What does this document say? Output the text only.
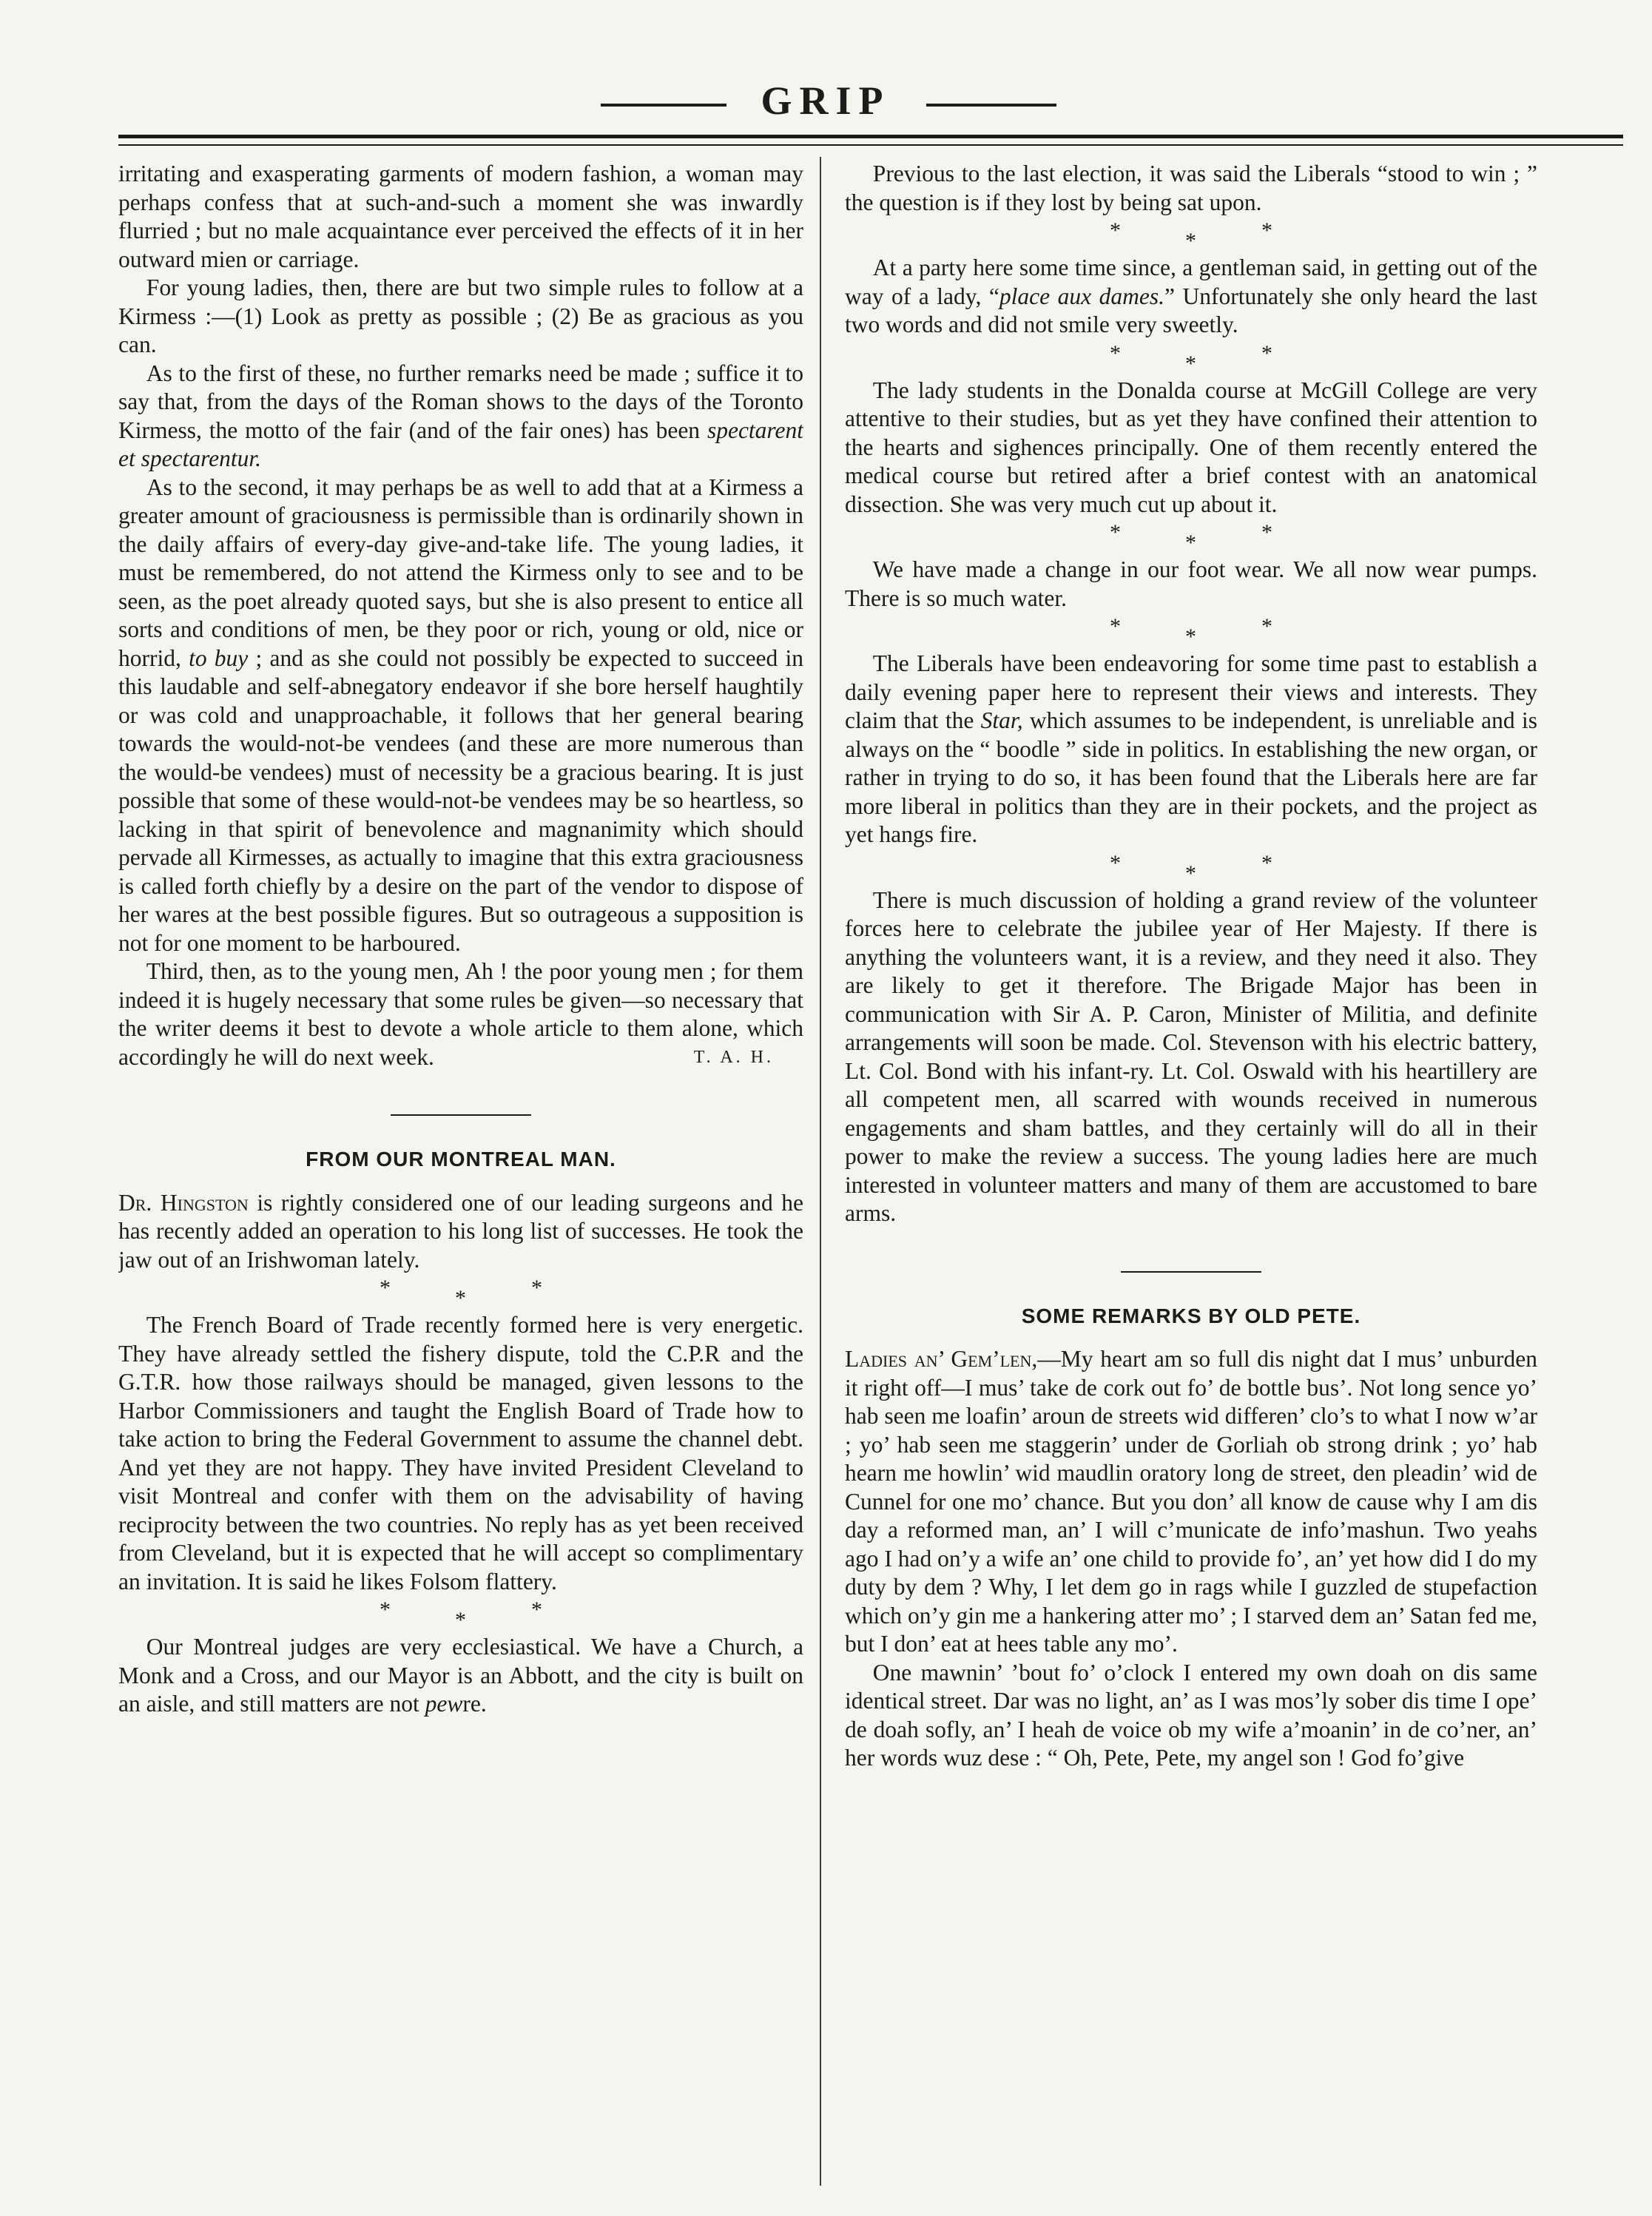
GRIP

irritating and exasperating garments of modern fashion, a woman may perhaps confess that at such-and-such a moment she was inwardly flurried ; but no male acquaintance ever perceived the effects of it in her outward mien or carriage.

For young ladies, then, there are but two simple rules to follow at a Kirmess :—(1) Look as pretty as possible ; (2) Be as gracious as you can.

As to the first of these, no further remarks need be made ; suffice it to say that, from the days of the Roman shows to the days of the Toronto Kirmess, the motto of the fair (and of the fair ones) has been spectarent et spectarentur.

As to the second, it may perhaps be as well to add that at a Kirmess a greater amount of graciousness is permissible than is ordinarily shown in the daily affairs of every-day give-and-take life. The young ladies, it must be remembered, do not attend the Kirmess only to see and to be seen, as the poet already quoted says, but she is also present to entice all sorts and conditions of men, be they poor or rich, young or old, nice or horrid, to buy ; and as she could not possibly be expected to succeed in this laudable and self-abnegatory endeavor if she bore herself haughtily or was cold and unapproachable, it follows that her general bearing towards the would-not-be vendees (and these are more numerous than the would-be vendees) must of necessity be a gracious bearing. It is just possible that some of these would-not-be vendees may be so heartless, so lacking in that spirit of benevolence and magnanimity which should pervade all Kirmesses, as actually to imagine that this extra graciousness is called forth chiefly by a desire on the part of the vendor to dispose of her wares at the best possible figures. But so outrageous a supposition is not for one moment to be harboured.

Third, then, as to the young men, Ah ! the poor young men ; for them indeed it is hugely necessary that some rules be given—so necessary that the writer deems it best to devote a whole article to them alone, which accordingly he will do next week.	T. A. H.

FROM OUR MONTREAL MAN.

Dr. Hingston is rightly considered one of our leading surgeons and he has recently added an operation to his long list of successes. He took the jaw out of an Irishwoman lately.

*	*	*

The French Board of Trade recently formed here is very energetic. They have already settled the fishery dispute, told the C.P.R and the G.T.R. how those railways should be managed, given lessons to the Harbor Commissioners and taught the English Board of Trade how to take action to bring the Federal Government to assume the channel debt. And yet they are not happy. They have invited President Cleveland to visit Montreal and confer with them on the advisability of having reciprocity between the two countries. No reply has as yet been received from Cleveland, but it is expected that he will accept so complimentary an invitation. It is said he likes Folsom flattery.

*	*	*

Our Montreal judges are very ecclesiastical. We have a Church, a Monk and a Cross, and our Mayor is an Abbott, and the city is built on an aisle, and still matters are not pewre.

Previous to the last election, it was said the Liberals “stood to win ; ” the question is if they lost by being sat upon.

*	*	*

At a party here some time since, a gentleman said, in getting out of the way of a lady, “place aux dames.” Unfortunately she only heard the last two words and did not smile very sweetly.

*	*	*

The lady students in the Donalda course at McGill College are very attentive to their studies, but as yet they have confined their attention to the hearts and sighences principally. One of them recently entered the medical course but retired after a brief contest with an anatomical dissection. She was very much cut up about it.

*	*	*

We have made a change in our foot wear. We all now wear pumps. There is so much water.

*	*	*

The Liberals have been endeavoring for some time past to establish a daily evening paper here to represent their views and interests. They claim that the Star, which assumes to be independent, is unreliable and is always on the “ boodle ” side in politics. In establishing the new organ, or rather in trying to do so, it has been found that the Liberals here are far more liberal in politics than they are in their pockets, and the project as yet hangs fire.

*	*	*

There is much discussion of holding a grand review of the volunteer forces here to celebrate the jubilee year of Her Majesty. If there is anything the volunteers want, it is a review, and they need it also. They are likely to get it therefore. The Brigade Major has been in communication with Sir A. P. Caron, Minister of Militia, and definite arrangements will soon be made. Col. Stevenson with his electric battery, Lt. Col. Bond with his infant-ry. Lt. Col. Oswald with his heartillery are all competent men, all scarred with wounds received in numerous engagements and sham battles, and they certainly will do all in their power to make the review a success. The young ladies here are much interested in volunteer matters and many of them are accustomed to bare arms.

SOME REMARKS BY OLD PETE.

Ladies an’ Gem’len,—My heart am so full dis night dat I mus’ unburden it right off—I mus’ take de cork out fo’ de bottle bus’. Not long sence yo’ hab seen me loafin’ aroun de streets wid differen’ clo’s to what I now w’ar ; yo’ hab seen me staggerin’ under de Gorliah ob strong drink ; yo’ hab hearn me howlin’ wid maudlin oratory long de street, den pleadin’ wid de Cunnel for one mo’ chance. But you don’ all know de cause why I am dis day a reformed man, an’ I will c’municate de info’mashun. Two yeahs ago I had on’y a wife an’ one child to provide fo’, an’ yet how did I do my duty by dem ? Why, I let dem go in rags while I guzzled de stupefaction which on’y gin me a hankering atter mo’ ; I starved dem an’ Satan fed me, but I don’ eat at hees table any mo’.

One mawnin’ ’bout fo’ o’clock I entered my own doah on dis same identical street. Dar was no light, an’ as I was mos’ly sober dis time I ope’ de doah sofly, an’ I heah de voice ob my wife a’moanin’ in de co’ner, an’ her words wuz dese : “ Oh, Pete, Pete, my angel son ! God fo’give
